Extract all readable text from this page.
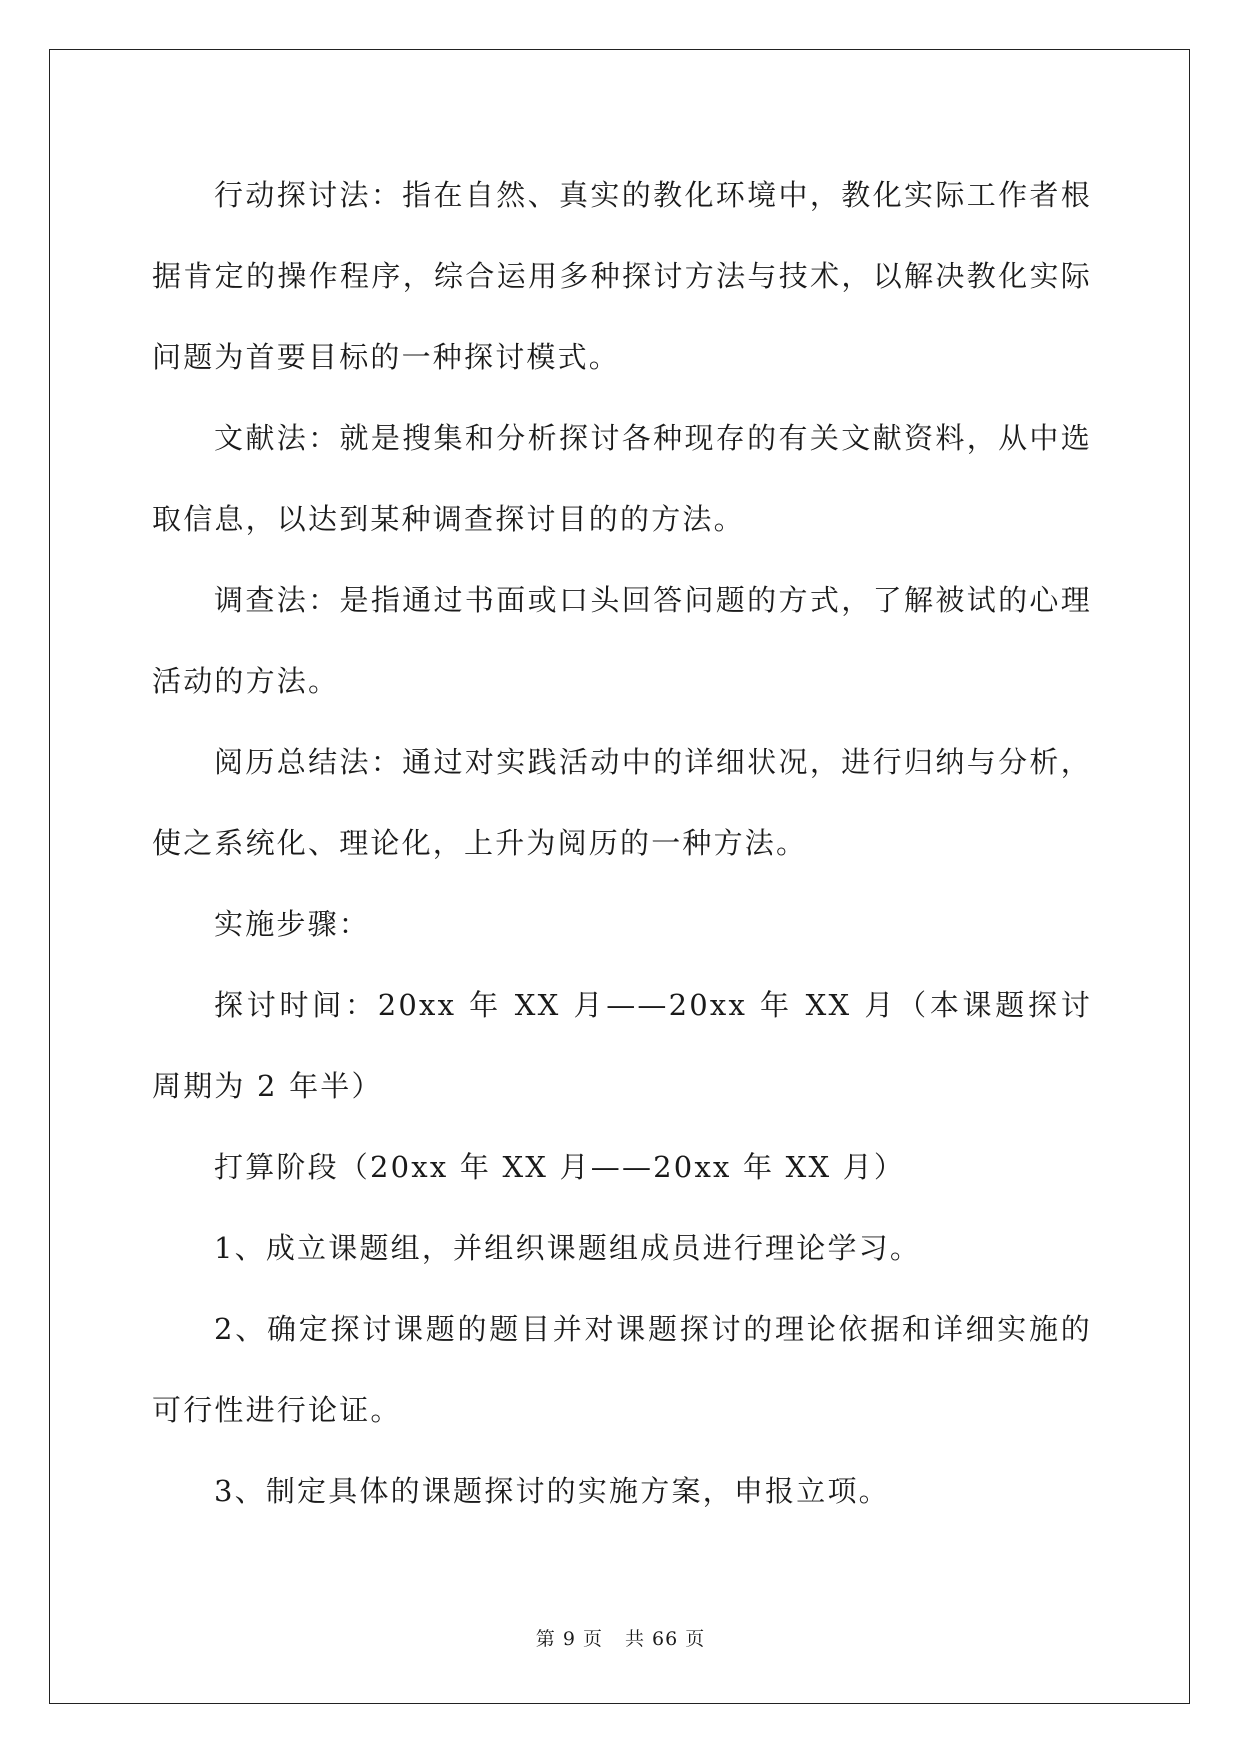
行动探讨法：指在自然、真实的教化环境中，教化实际工作者根据肯定的操作程序，综合运用多种探讨方法与技术，以解决教化实际问题为首要目标的一种探讨模式。

文献法：就是搜集和分析探讨各种现存的有关文献资料，从中选取信息，以达到某种调查探讨目的的方法。

调查法：是指通过书面或口头回答问题的方式，了解被试的心理活动的方法。

阅历总结法：通过对实践活动中的详细状况，进行归纳与分析，使之系统化、理论化，上升为阅历的一种方法。

实施步骤：

探讨时间：20xx 年 XX 月——20xx 年 XX 月（本课题探讨周期为 2 年半）

打算阶段（20xx 年 XX 月——20xx 年 XX 月）

1、成立课题组，并组织课题组成员进行理论学习。

2、确定探讨课题的题目并对课题探讨的理论依据和详细实施的可行性进行论证。

3、制定具体的课题探讨的实施方案，申报立项。

第 9 页 共 66 页
